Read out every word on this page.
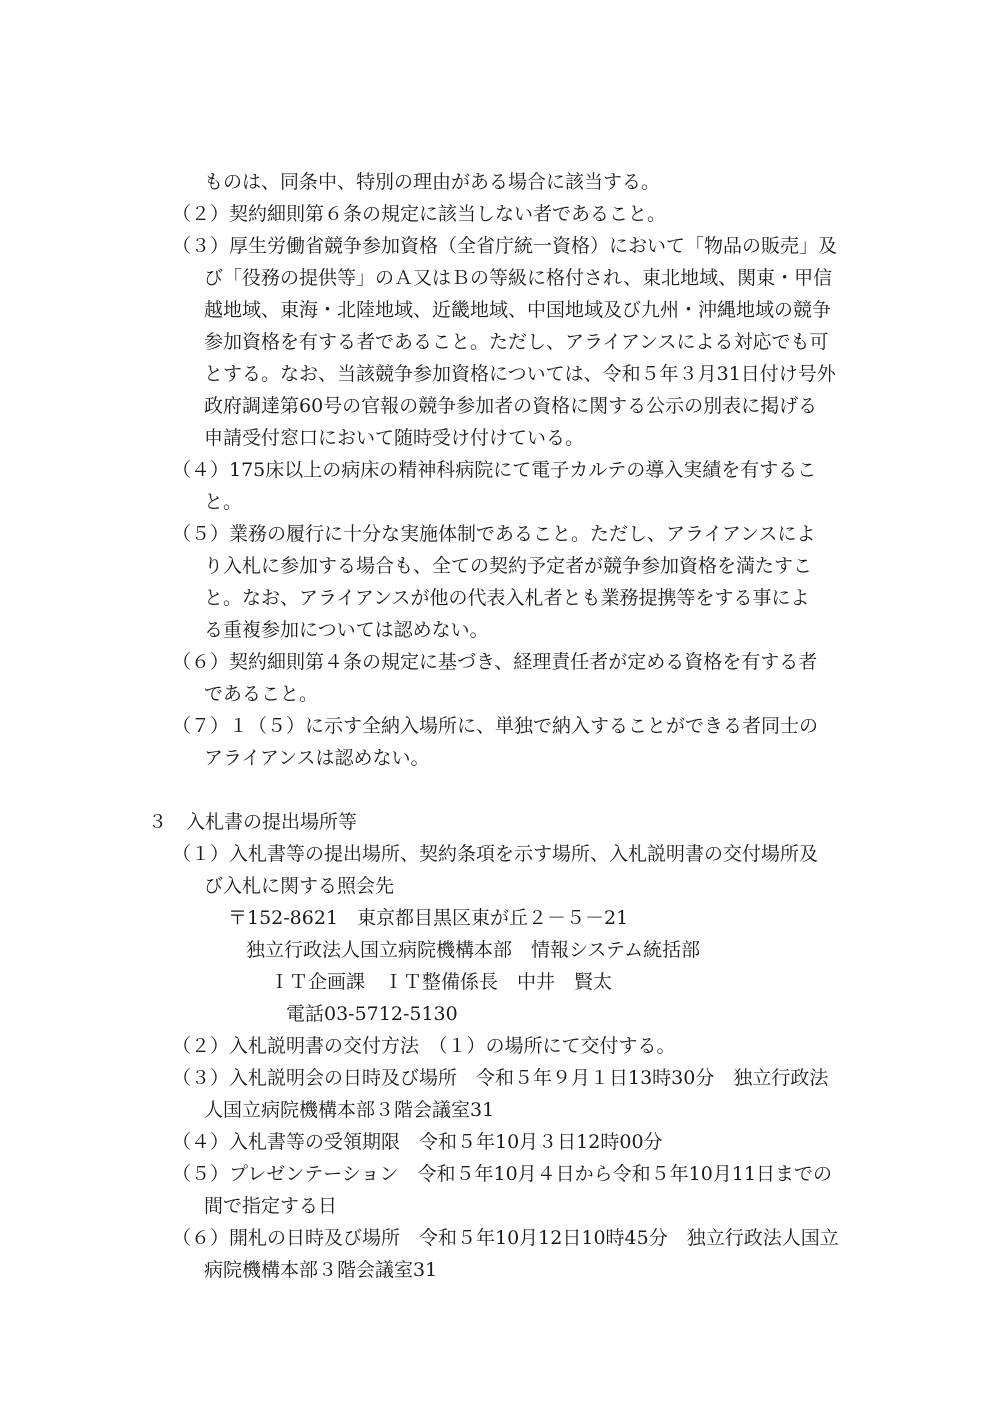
ものは、同条中、特別の理由がある場合に該当する。
（２）契約細則第６条の規定に該当しない者であること。
（３）厚生労働省競争参加資格（全省庁統一資格）において「物品の販売」及
び「役務の提供等」のＡ又はＢの等級に格付され、東北地域、関東・甲信
越地域、東海・北陸地域、近畿地域、中国地域及び九州・沖縄地域の競争
参加資格を有する者であること。ただし、アライアンスによる対応でも可
とする。なお、当該競争参加資格については、令和５年３月31日付け号外
政府調達第60号の官報の競争参加者の資格に関する公示の別表に掲げる
申請受付窓口において随時受け付けている。
（４）175床以上の病床の精神科病院にて電子カルテの導入実績を有するこ
と。
（５）業務の履行に十分な実施体制であること。ただし、アライアンスによ
り入札に参加する場合も、全ての契約予定者が競争参加資格を満たすこ
と。なお、アライアンスが他の代表入札者とも業務提携等をする事によ
る重複参加については認めない。
（６）契約細則第４条の規定に基づき、経理責任者が定める資格を有する者
であること。
（７）１（５）に示す全納入場所に、単独で納入することができる者同士の
アライアンスは認めない。
３　入札書の提出場所等
（１）入札書等の提出場所、契約条項を示す場所、入札説明書の交付場所及
び入札に関する照会先
〒152-8621　東京都目黒区東が丘２－５－21
独立行政法人国立病院機構本部　情報システム統括部
ＩＴ企画課　ＩＴ整備係長　中井　賢太
電話03-5712-5130
（２）入札説明書の交付方法　（１）の場所にて交付する。
（３）入札説明会の日時及び場所　令和５年９月１日13時30分　独立行政法
人国立病院機構本部３階会議室31
（４）入札書等の受領期限　令和５年10月３日12時00分
（５）プレゼンテーション　令和５年10月４日から令和５年10月11日までの
間で指定する日
（６）開札の日時及び場所　令和５年10月12日10時45分　独立行政法人国立
病院機構本部３階会議室31
